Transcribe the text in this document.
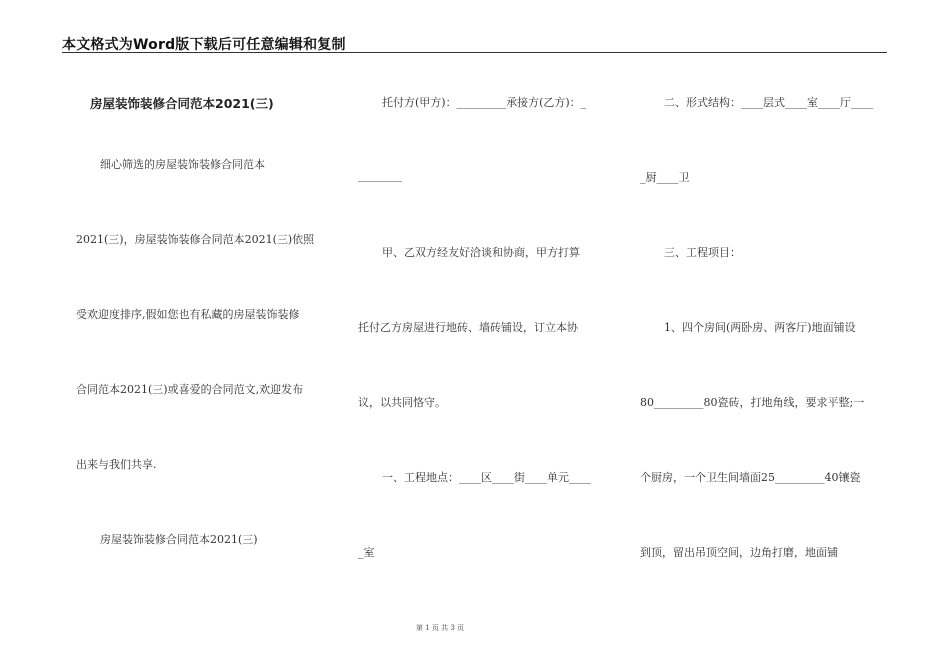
本文格式为Word版下载后可任意编辑和复制
房屋装饰装修合同范本2021(三)
细心筛选的房屋装饰装修合同范本
2021(三)，房屋装饰装修合同范本2021(三)依照
受欢迎度排序,假如您也有私藏的房屋装饰装修
合同范本2021(三)或喜爱的合同范文,欢迎发布
出来与我们共享.
房屋装饰装修合同范本2021(三)
托付方(甲方)：_________承接方(乙方)：_
________
甲、乙双方经友好洽谈和协商，甲方打算
托付乙方房屋进行地砖、墙砖铺设，订立本协
议，以共同恪守。
一、工程地点：____区____街____单元____
_室
二、形式结构：____层式____室____厅____
_厨____卫
三、工程项目：
1、四个房间(两卧房、两客厅)地面铺设
80_________80瓷砖，打地角线，要求平整;一
个厨房，一个卫生间墙面25_________40镶瓷
到顶，留出吊顶空间，边角打磨，地面铺
第 1 页 共 3 页
